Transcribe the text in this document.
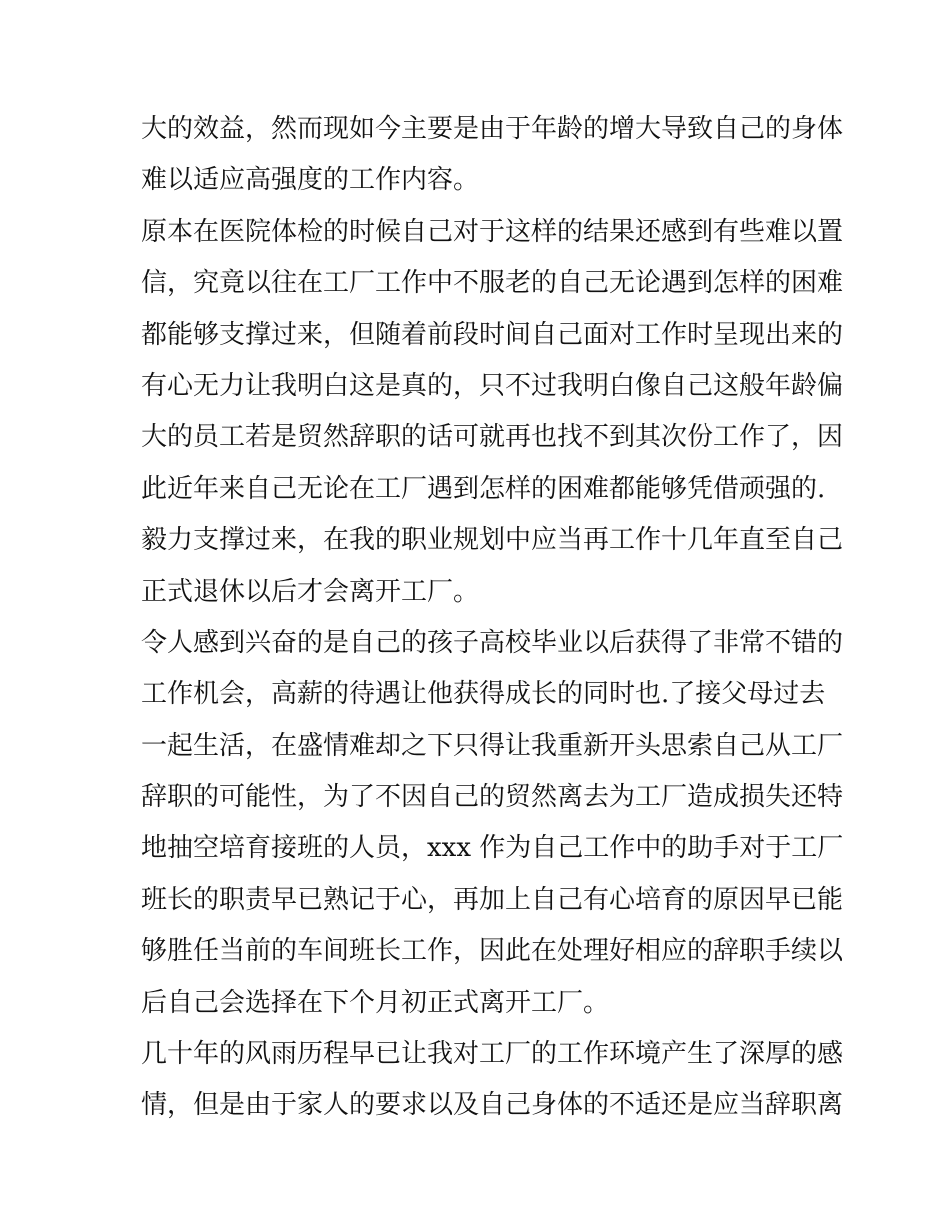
大的效益，然而现如今主要是由于年龄的增大导致自己的身体
难以适应高强度的工作内容。
原本在医院体检的时候自己对于这样的结果还感到有些难以置
信，究竟以往在工厂工作中不服老的自己无论遇到怎样的困难
都能够支撑过来，但随着前段时间自己面对工作时呈现出来的
有心无力让我明白这是真的，只不过我明白像自己这般年龄偏
大的员工若是贸然辞职的话可就再也找不到其次份工作了，因
此近年来自己无论在工厂遇到怎样的困难都能够凭借顽强的.
毅力支撑过来，在我的职业规划中应当再工作十几年直至自己
正式退休以后才会离开工厂。
令人感到兴奋的是自己的孩子高校毕业以后获得了非常不错的
工作机会，高薪的待遇让他获得成长的同时也.了接父母过去
一起生活，在盛情难却之下只得让我重新开头思索自己从工厂
辞职的可能性，为了不因自己的贸然离去为工厂造成损失还特
地抽空培育接班的人员，xxx 作为自己工作中的助手对于工厂
班长的职责早已熟记于心，再加上自己有心培育的原因早已能
够胜任当前的车间班长工作，因此在处理好相应的辞职手续以
后自己会选择在下个月初正式离开工厂。
几十年的风雨历程早已让我对工厂的工作环境产生了深厚的感
情，但是由于家人的要求以及自己身体的不适还是应当辞职离
